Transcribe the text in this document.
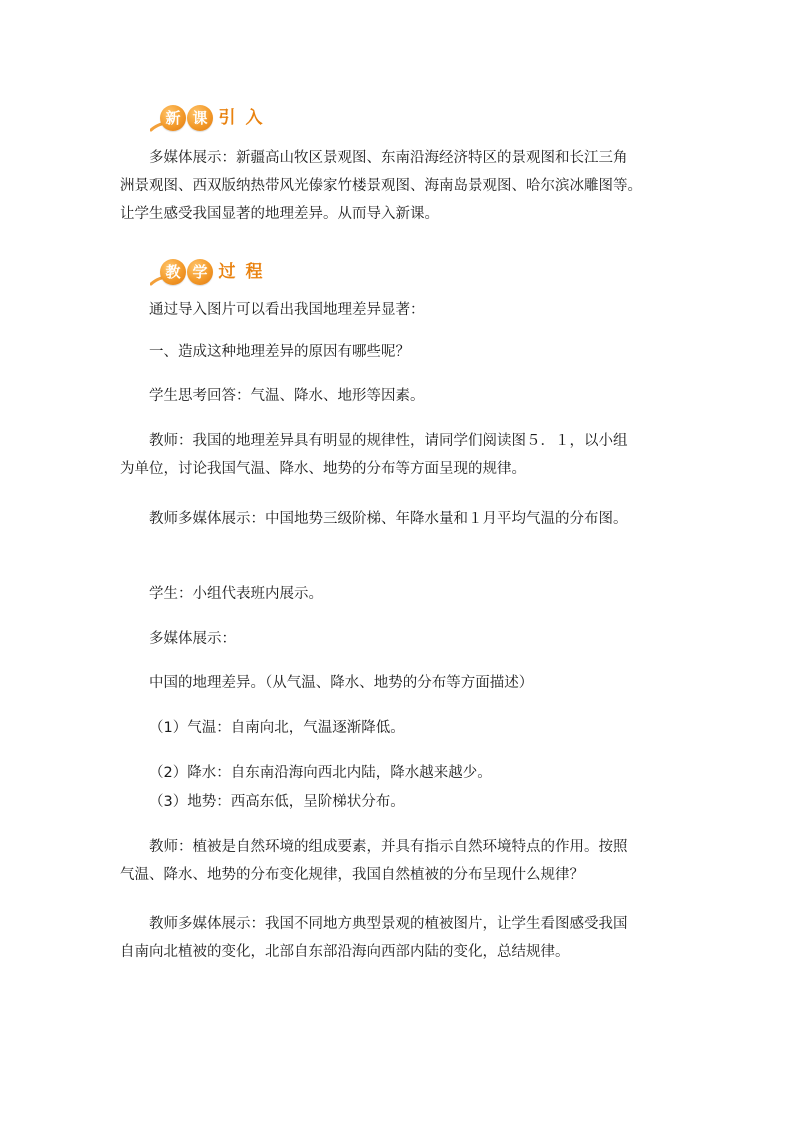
新 课 引 入

多媒体展示：新疆高山牧区景观图、东南沿海经济特区的景观图和长江三角
洲景观图、西双版纳热带风光傣家竹楼景观图、海南岛景观图、哈尔滨冰雕图等。
让学生感受我国显著的地理差异。从而导入新课。

教 学 过 程

通过导入图片可以看出我国地理差异显著：

一、造成这种地理差异的原因有哪些呢？

学生思考回答：气温、降水、地形等因素。

教师：我国的地理差异具有明显的规律性，请同学们阅读图５．１，以小组
为单位，讨论我国气温、降水、地势的分布等方面呈现的规律。

教师多媒体展示：中国地势三级阶梯、年降水量和１月平均气温的分布图。

学生：小组代表班内展示。

多媒体展示：

中国的地理差异。（从气温、降水、地势的分布等方面描述）

（1）气温：自南向北，气温逐渐降低。

（2）降水：自东南沿海向西北内陆，降水越来越少。

（3）地势：西高东低，呈阶梯状分布。

教师：植被是自然环境的组成要素，并具有指示自然环境特点的作用。按照
气温、降水、地势的分布变化规律，我国自然植被的分布呈现什么规律？

教师多媒体展示：我国不同地方典型景观的植被图片，让学生看图感受我国
自南向北植被的变化，北部自东部沿海向西部内陆的变化，总结规律。
